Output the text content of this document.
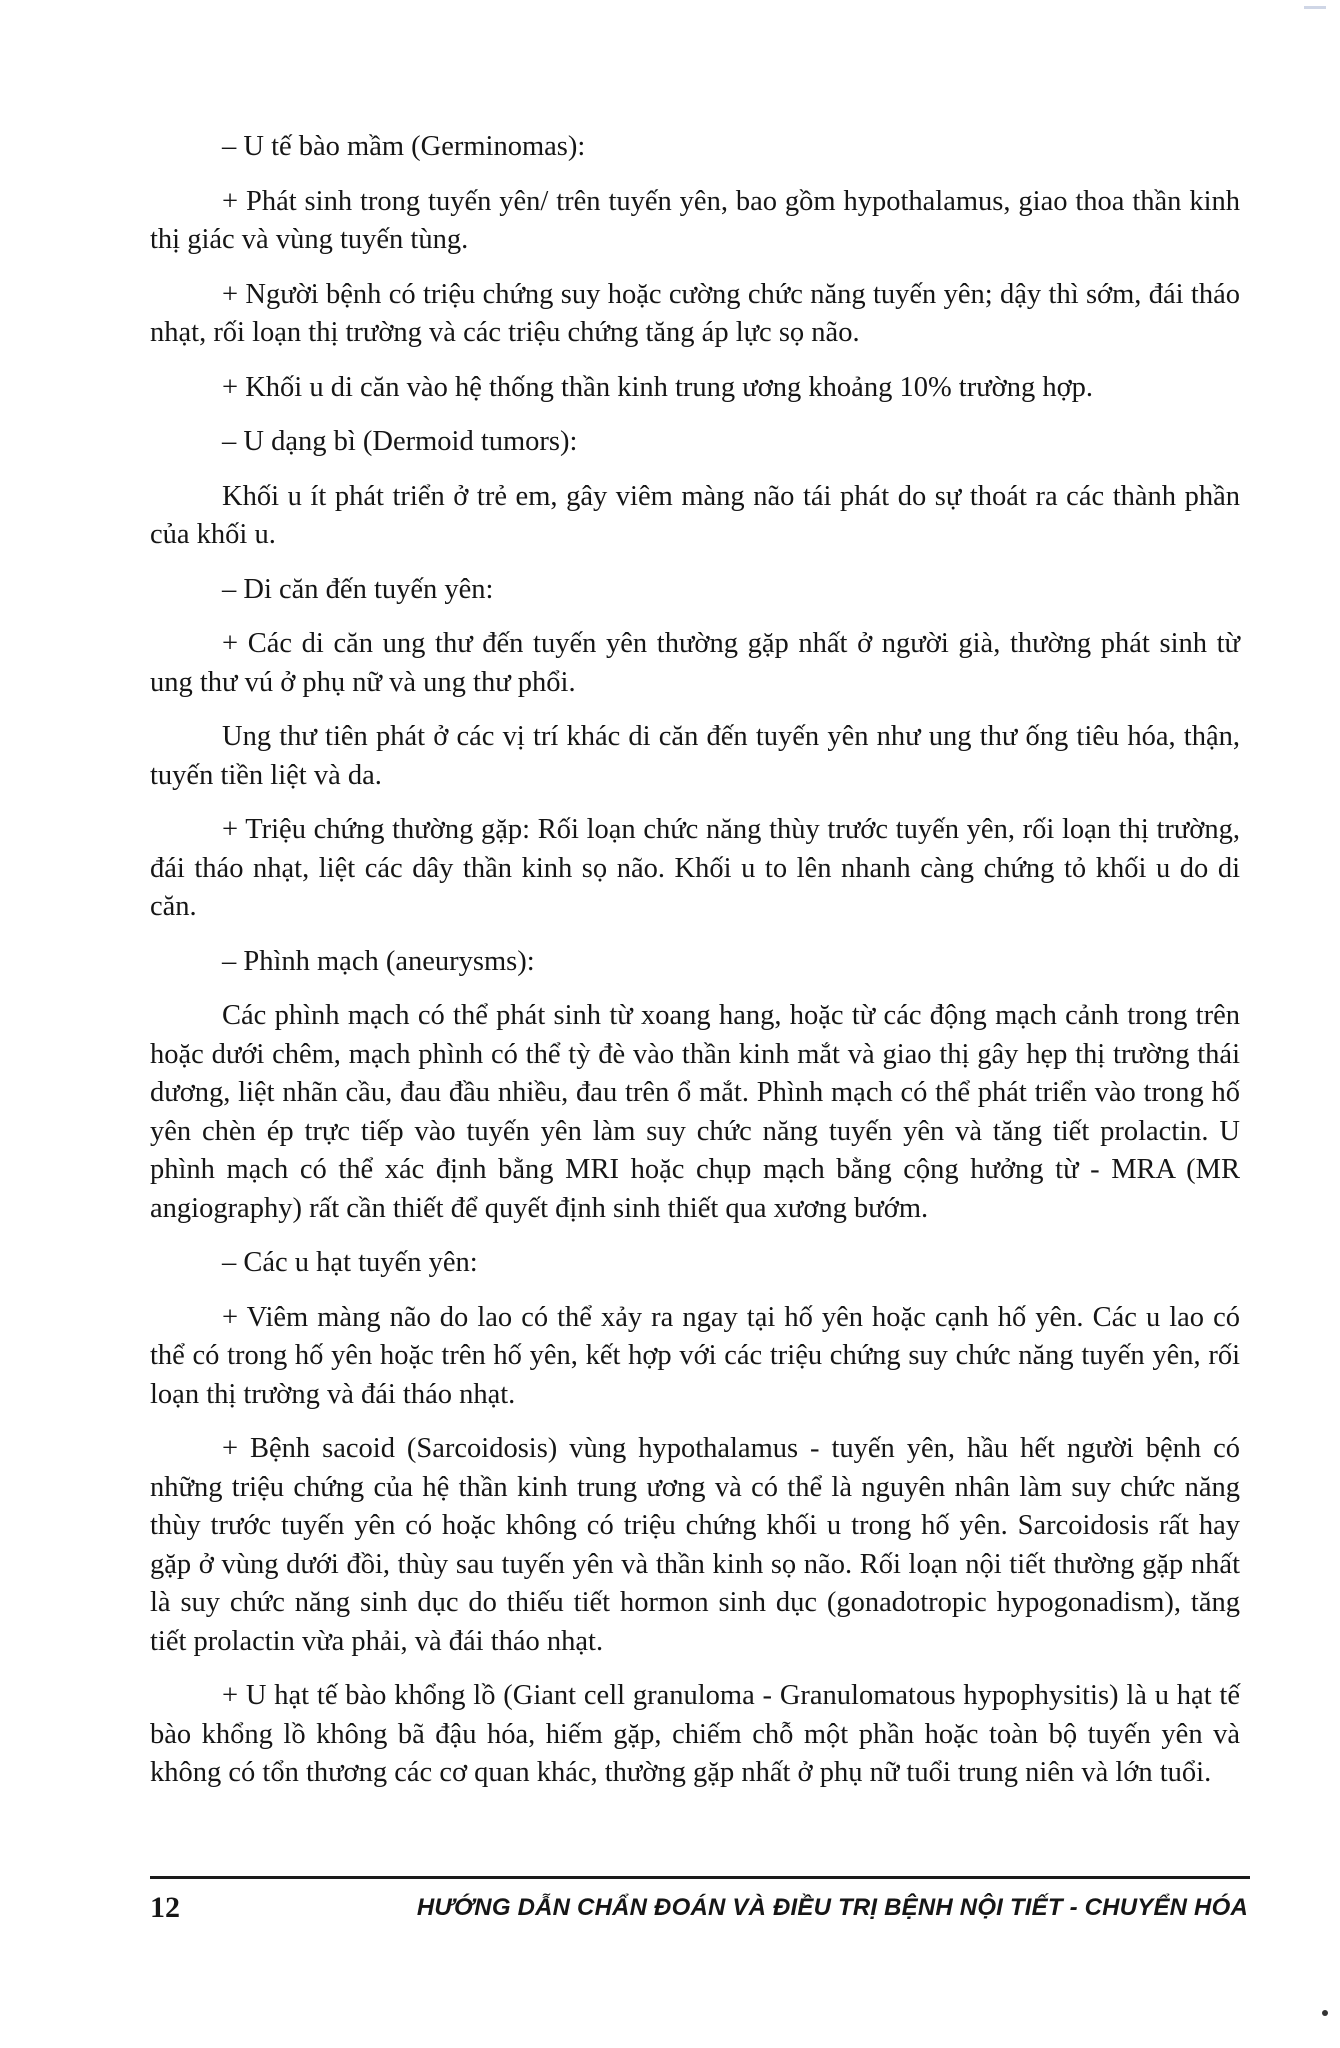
– U tế bào mầm (Germinomas):

+ Phát sinh trong tuyến yên/ trên tuyến yên, bao gồm hypothalamus, giao thoa thần kinh thị giác và vùng tuyến tùng.

+ Người bệnh có triệu chứng suy hoặc cường chức năng tuyến yên; dậy thì sớm, đái tháo nhạt, rối loạn thị trường và các triệu chứng tăng áp lực sọ não.

+ Khối u di căn vào hệ thống thần kinh trung ương khoảng 10% trường hợp.

– U dạng bì (Dermoid tumors):

Khối u ít phát triển ở trẻ em, gây viêm màng não tái phát do sự thoát ra các thành phần của khối u.

– Di căn đến tuyến yên:

+ Các di căn ung thư đến tuyến yên thường gặp nhất ở người già, thường phát sinh từ ung thư vú ở phụ nữ và ung thư phổi.

Ung thư tiên phát ở các vị trí khác di căn đến tuyến yên như ung thư ống tiêu hóa, thận, tuyến tiền liệt và da.

+ Triệu chứng thường gặp: Rối loạn chức năng thùy trước tuyến yên, rối loạn thị trường, đái tháo nhạt, liệt các dây thần kinh sọ não. Khối u to lên nhanh càng chứng tỏ khối u do di căn.

– Phình mạch (aneurysms):

Các phình mạch có thể phát sinh từ xoang hang, hoặc từ các động mạch cảnh trong trên hoặc dưới chêm, mạch phình có thể tỳ đè vào thần kinh mắt và giao thị gây hẹp thị trường thái dương, liệt nhãn cầu, đau đầu nhiều, đau trên ổ mắt. Phình mạch có thể phát triển vào trong hố yên chèn ép trực tiếp vào tuyến yên làm suy chức năng tuyến yên và tăng tiết prolactin. U phình mạch có thể xác định bằng MRI hoặc chụp mạch bằng cộng hưởng từ - MRA (MR angiography) rất cần thiết để quyết định sinh thiết qua xương bướm.

– Các u hạt tuyến yên:

+ Viêm màng não do lao có thể xảy ra ngay tại hố yên hoặc cạnh hố yên. Các u lao có thể có trong hố yên hoặc trên hố yên, kết hợp với các triệu chứng suy chức năng tuyến yên, rối loạn thị trường và đái tháo nhạt.

+ Bệnh sacoid (Sarcoidosis) vùng hypothalamus - tuyến yên, hầu hết người bệnh có những triệu chứng của hệ thần kinh trung ương và có thể là nguyên nhân làm suy chức năng thùy trước tuyến yên có hoặc không có triệu chứng khối u trong hố yên. Sarcoidosis rất hay gặp ở vùng dưới đồi, thùy sau tuyến yên và thần kinh sọ não. Rối loạn nội tiết thường gặp nhất là suy chức năng sinh dục do thiếu tiết hormon sinh dục (gonadotropic hypogonadism), tăng tiết prolactin vừa phải, và đái tháo nhạt.

+ U hạt tế bào khổng lồ (Giant cell granuloma - Granulomatous hypophysitis) là u hạt tế bào khổng lồ không bã đậu hóa, hiếm gặp, chiếm chỗ một phần hoặc toàn bộ tuyến yên và không có tổn thương các cơ quan khác, thường gặp nhất ở phụ nữ tuổi trung niên và lớn tuổi.

12	HƯỚNG DẪN CHẨN ĐOÁN VÀ ĐIỀU TRỊ BỆNH NỘI TIẾT - CHUYỂN HÓA
